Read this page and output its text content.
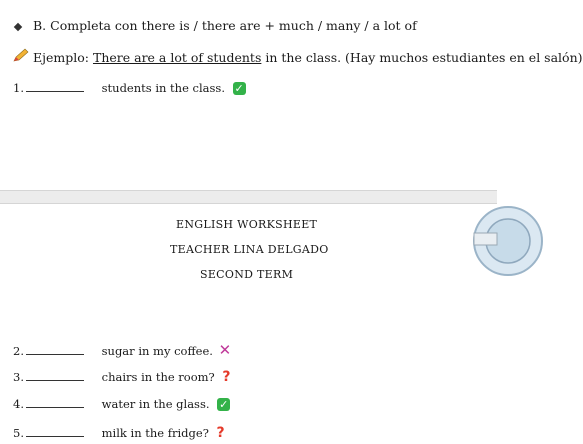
B. Completa con there is / there are + much / many / a lot of
Ejemplo: There are a lot of students in the class. (Hay muchos estudiantes en el salón)
1.	students in the class. ✓
ENGLISH WORKSHEET
TEACHER LINA DELGADO
SECOND TERM
2.	sugar in my coffee. ✕
3.	chairs in the room? ?
4.	water in the glass. ✓
5.	milk in the fridge? ?
